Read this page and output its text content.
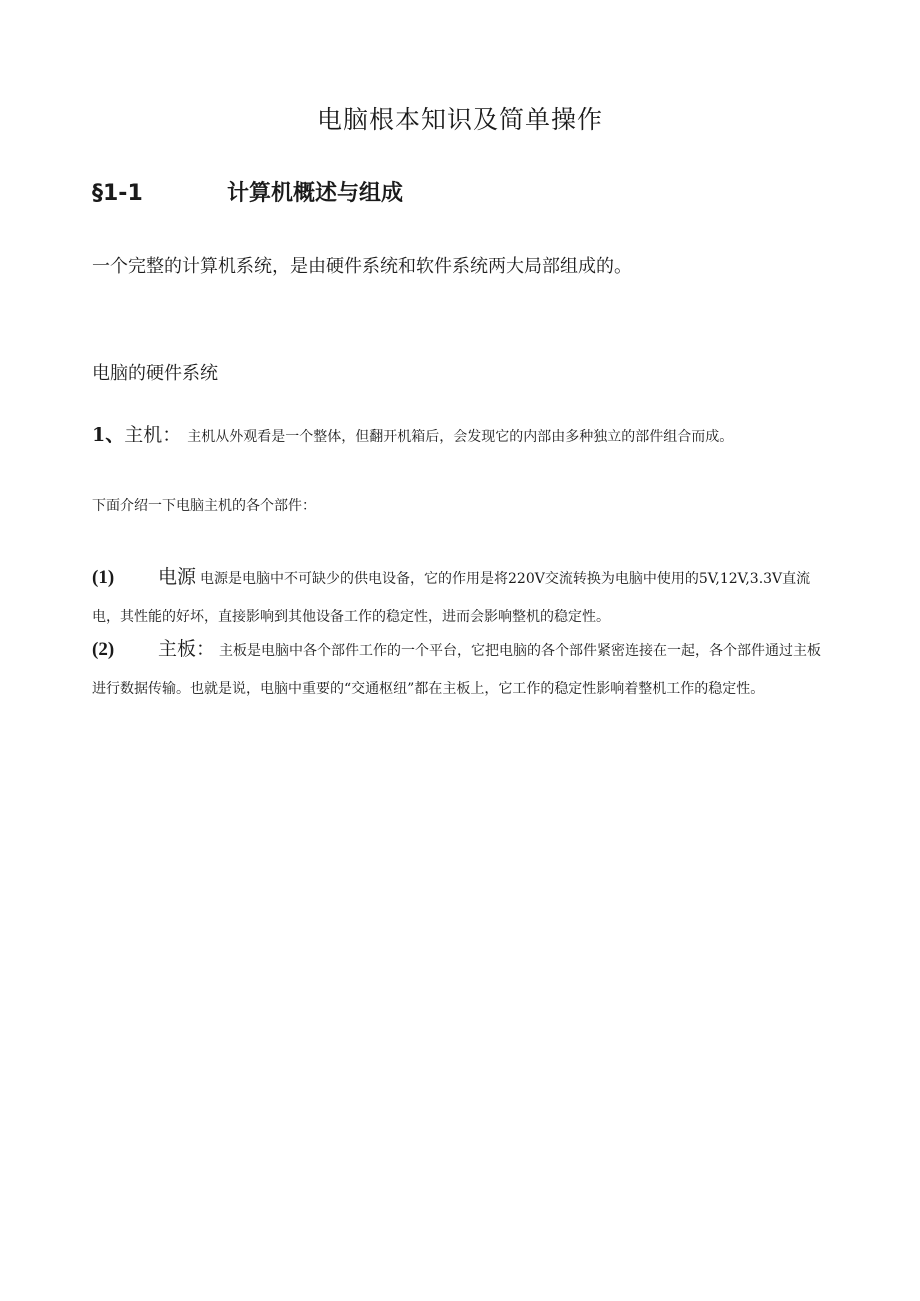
电脑根本知识及简单操作
§1-1	计算机概述与组成
一个完整的计算机系统，是由硬件系统和软件系统两大局部组成的。
电脑的硬件系统
1、主机： 主机从外观看是一个整体，但翻开机箱后，会发现它的内部由多种独立的部件组合而成。
下面介绍一下电脑主机的各个部件：
(1) 电源 电源是电脑中不可缺少的供电设备，它的作用是将220V交流转换为电脑中使用的5V,12V,3.3V直流电，其性能的好坏，直接影响到其他设备工作的稳定性，进而会影响整机的稳定性。
(2) 主板： 主板是电脑中各个部件工作的一个平台，它把电脑的各个部件紧密连接在一起，各个部件通过主板进行数据传输。也就是说，电脑中重要的“交通枢纽”都在主板上，它工作的稳定性影响着整机工作的稳定性。
